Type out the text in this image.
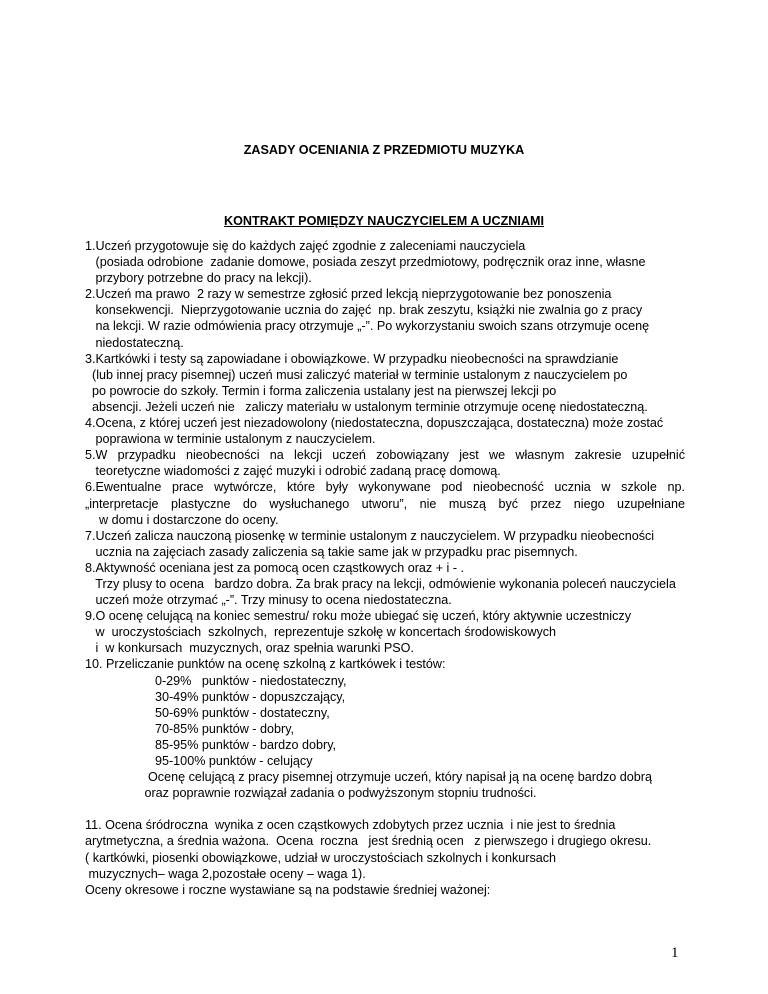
ZASADY OCENIANIA Z PRZEDMIOTU MUZYKA
KONTRAKT POMIĘDZY NAUCZYCIELEM A UCZNIAMI
1.Uczeń przygotowuje się do każdych zajęć zgodnie z zaleceniami nauczyciela
(posiada odrobione  zadanie domowe, posiada zeszyt przedmiotowy, podręcznik oraz inne, własne
przybory potrzebne do pracy na lekcji).
2.Uczeń ma prawo  2 razy w semestrze zgłosić przed lekcją nieprzygotowanie bez ponoszenia
konsekwencji.  Nieprzygotowanie ucznia do zajęć  np. brak zeszytu, książki nie zwalnia go z pracy
na lekcji. W razie odmówienia pracy otrzymuje „-”. Po wykorzystaniu swoich szans otrzymuje ocenę
niedostateczną.
3.Kartkówki i testy są zapowiadane i obowiązkowe. W przypadku nieobecności na sprawdzianie
(lub innej pracy pisemnej) uczeń musi zaliczyć materiał w terminie ustalonym z nauczycielem po
po powrocie do szkoły. Termin i forma zaliczenia ustalany jest na pierwszej lekcji po
absencji. Jeżeli uczeń nie   zaliczy materiału w ustalonym terminie otrzymuje ocenę niedostateczną.
4.Ocena, z której uczeń jest niezadowolony (niedostateczna, dopuszczająca, dostateczna) może zostać
poprawiona w terminie ustalonym z nauczycielem.
5.W przypadku nieobecności na lekcji uczeń zobowiązany jest we własnym zakresie uzupełnić
teoretyczne wiadomości z zajęć muzyki i odrobić zadaną pracę domową.
6.Ewentualne prace wytwórcze, które były wykonywane pod nieobecność ucznia w szkole np.
„interpretacje plastyczne do wysłuchanego utworu”, nie muszą być przez niego uzupełniane
w domu i dostarczone do oceny.
7.Uczeń zalicza nauczoną piosenkę w terminie ustalonym z nauczycielem. W przypadku nieobecności
ucznia na zajęciach zasady zaliczenia są takie same jak w przypadku prac pisemnych.
8.Aktywność oceniana jest za pomocą ocen cząstkowych oraz + i - .
Trzy plusy to ocena   bardzo dobra. Za brak pracy na lekcji, odmówienie wykonania poleceń nauczyciela
uczeń może otrzymać „-”. Trzy minusy to ocena niedostateczna.
9.O ocenę celującą na koniec semestru/ roku może ubiegać się uczeń, który aktywnie uczestniczy
w  uroczystościach  szkolnych,  reprezentuje szkołę w koncertach środowiskowych
i  w konkursach  muzycznych, oraz spełnia warunki PSO.
10. Przeliczanie punktów na ocenę szkolną z kartkówek i testów:
0-29%   punktów - niedostateczny,
30-49% punktów - dopuszczający,
50-69% punktów - dostateczny,
70-85% punktów - dobry,
85-95% punktów - bardzo dobry,
95-100% punktów - celujący
Ocenę celującą z pracy pisemnej otrzymuje uczeń, który napisał ją na ocenę bardzo dobrą
oraz poprawnie rozwiązał zadania o podwyższonym stopniu trudności.
11. Ocena śródroczna  wynika z ocen cząstkowych zdobytych przez ucznia  i nie jest to średnia
arytmetyczna, a średnia ważona.  Ocena  roczna   jest średnią ocen   z pierwszego i drugiego okresu.
( kartkówki, piosenki obowiązkowe, udział w uroczystościach szkolnych i konkursach
muzycznych– waga 2,pozostałe oceny – waga 1).
Oceny okresowe i roczne wystawiane są na podstawie średniej ważonej:
1
